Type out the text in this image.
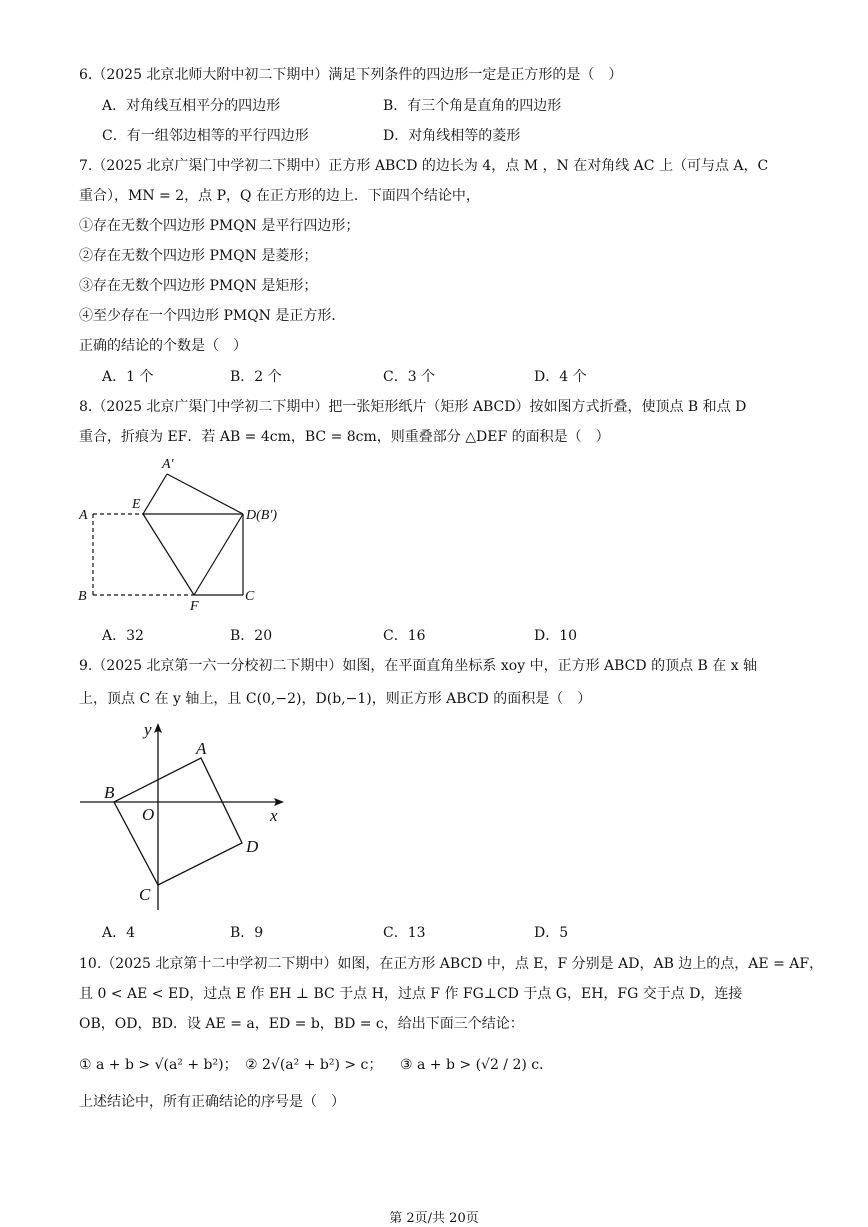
6.（2025 北京北师大附中初二下期中）满足下列条件的四边形一定是正方形的是（　）
A．对角线互相平分的四边形	B．有三个角是直角的四边形
C．有一组邻边相等的平行四边形	D．对角线相等的菱形
7.（2025 北京广渠门中学初二下期中）正方形 ABCD 的边长为 4，点 M ，N 在对角线 AC 上（可与点 A，C
重合），MN = 2，点 P，Q 在正方形的边上．下面四个结论中，
①存在无数个四边形 PMQN 是平行四边形；
②存在无数个四边形 PMQN 是菱形；
③存在无数个四边形 PMQN 是矩形；
④至少存在一个四边形 PMQN 是正方形．
正确的结论的个数是（　）
A．1 个	B．2 个	C．3 个	D．4 个
8.（2025 北京广渠门中学初二下期中）把一张矩形纸片（矩形 ABCD）按如图方式折叠，使顶点 B 和点 D
重合，折痕为 EF．若 AB = 4cm，BC = 8cm，则重叠部分 △DEF 的面积是（　）
A′
E
A	D(B′)
B
F
C
A．32	B．20	C．16	D．10
9.（2025 北京第一六一分校初二下期中）如图，在平面直角坐标系 xoy 中，正方形 ABCD 的顶点 B 在 x 轴
上，顶点 C 在 y 轴上，且 C(0,−2)，D(b,−1)，则正方形 ABCD 的面积是（　）
y
x
A
B
O
D
C
A．4	B．9	C．13	D．5
10.（2025 北京第十二中学初二下期中）如图，在正方形 ABCD 中，点 E，F 分别是 AD，AB 边上的点，AE = AF，
且 0 < AE < ED，过点 E 作 EH ⊥ BC 于点 H，过点 F 作 FG⊥CD 于点 G，EH，FG 交于点 D，连接
OB，OD，BD．设 AE = a，ED = b，BD = c，给出下面三个结论：
① a + b > √(a² + b²)； ② 2√(a² + b²) > c； ③ a + b > (√2 / 2) c．
上述结论中，所有正确结论的序号是（　）
第 2页/共 20页
